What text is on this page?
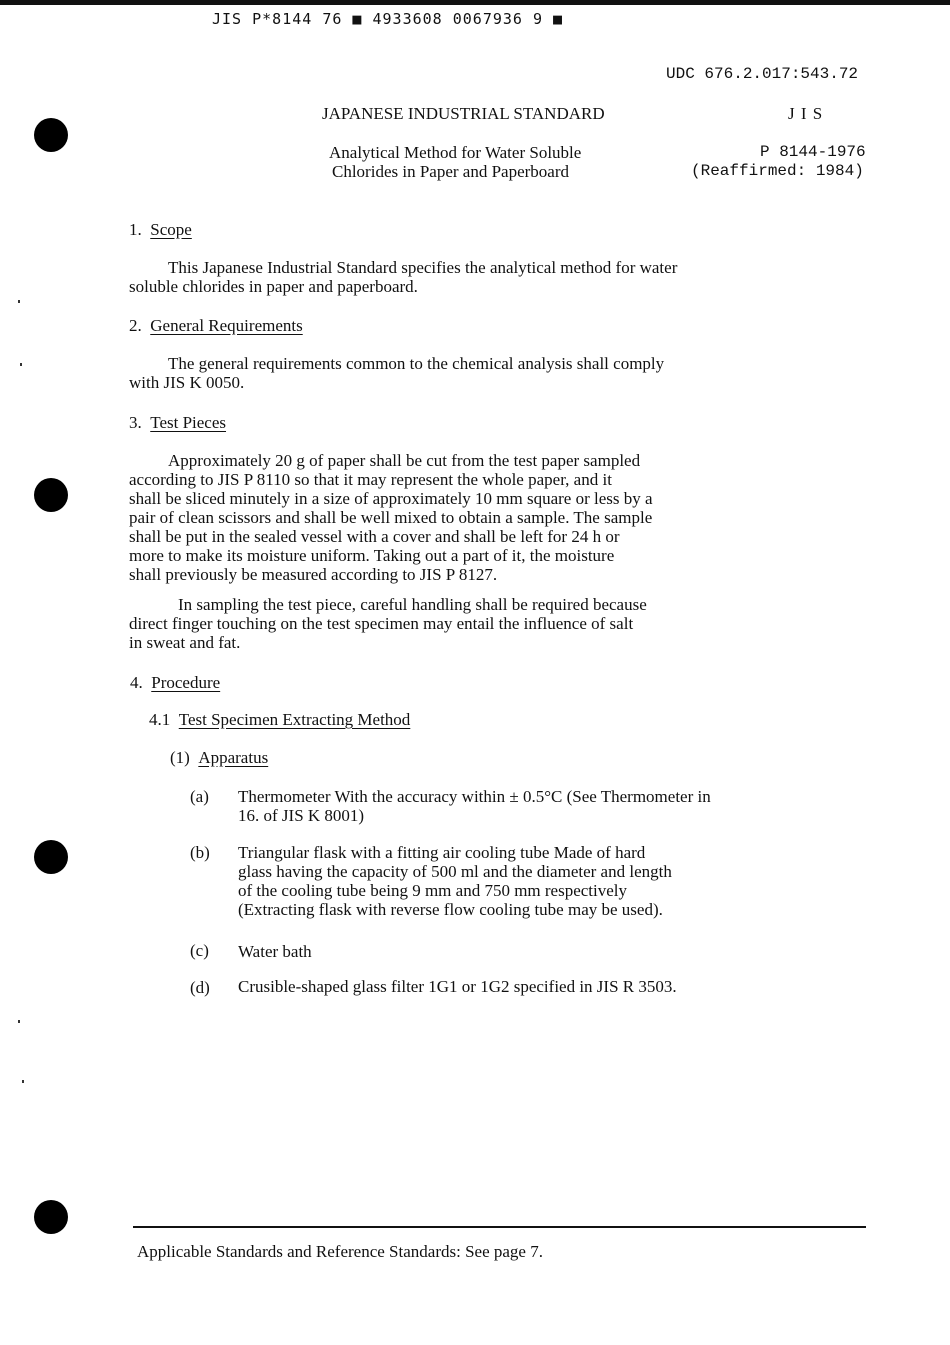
JIS P*8144 76 ■ 4933608 0067936 9 ■
UDC 676.2.017:543.72
JAPANESE INDUSTRIAL STANDARD	J I S
Analytical Method for Water Soluble
Chlorides in Paper and Paperboard
P 8144-1976
(Reaffirmed: 1984)
1. Scope

This Japanese Industrial Standard specifies the analytical method for water

soluble chlorides in paper and paperboard.

2. General Requirements

The general requirements common to the chemical analysis shall comply

with JIS K 0050.

3. Test Pieces

Approximately 20 g of paper shall be cut from the test paper sampled

according to JIS P 8110 so that it may represent the whole paper, and it

shall be sliced minutely in a size of approximately 10 mm square or less by a

pair of clean scissors and shall be well mixed to obtain a sample. The sample

shall be put in the sealed vessel with a cover and shall be left for 24 h or

more to make its moisture uniform. Taking out a part of it, the moisture

shall previously be measured according to JIS P 8127.

In sampling the test piece, careful handling shall be required because

direct finger touching on the test specimen may entail the influence of salt

in sweat and fat.

4. Procedure
4.1 Test Specimen Extracting Method
(1) Apparatus
(a) Thermometer With the accuracy within ± 0.5°C (See Thermometer in

16. of JIS K 8001)

(b) Triangular flask with a fitting air cooling tube Made of hard

glass having the capacity of 500 ml and the diameter and length

of the cooling tube being 9 mm and 750 mm respectively

(Extracting flask with reverse flow cooling tube may be used).

(c) Water bath

(d) Crusible-shaped glass filter 1G1 or 1G2 specified in JIS R 3503.

Applicable Standards and Reference Standards: See page 7.
